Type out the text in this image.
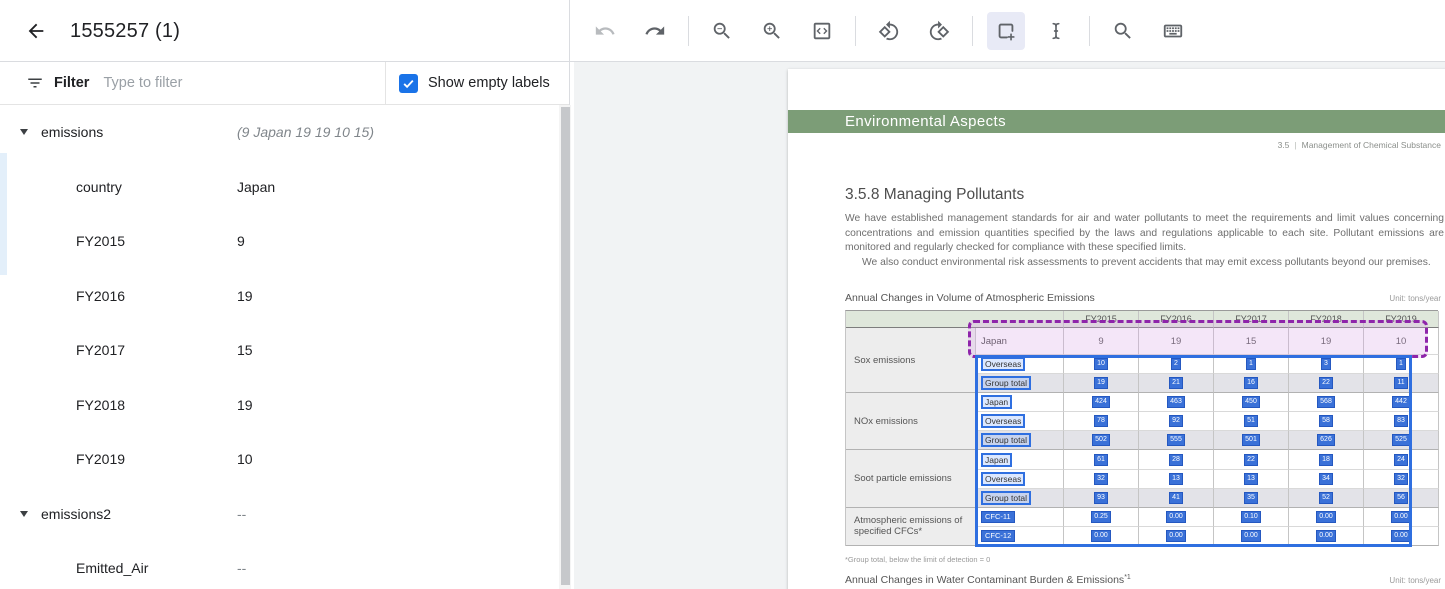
1555257 (1)
Filter
Type to filter	Show empty labels
emissions	(9 Japan 19 19 10 15)
country	Japan
FY2015	9
FY2016	19
FY2017	15
FY2018	19
FY2019	10
emissions2	--
Emitted_Air	--
Environmental Aspects
3.5 | Management of Chemical Substance
3.5.8 Managing Pollutants

We have established management standards for air and water pollutants to meet the requirements and limit values concerning concentrations and emission quantities specified by the laws and regulations applicable to each site. Pollutant emissions are monitored and regularly checked for compliance with these specified limits.

We also conduct environmental risk assessments to prevent accidents that may emit excess pollutants beyond our premises.

Annual Changes in Volume of Atmospheric Emissions	Unit: tons/year
FY2015	FY2016	FY2017	FY2018	FY2019
Sox emissions
Japan	9	19	15	19	10
Overseas	10	2	1	3	1
Group total	19	21	16	22	11
NOx emissions
Japan	424	463	450	568	442
Overseas	78	92	51	58	83
Group total	502	555	501	626	525
Soot particle emissions
Japan	61	28	22	18	24
Overseas	32	13	13	34	32
Group total	93	41	35	52	56
Atmospheric emissions of specified CFCs*
CFC-11	0.25	0.00	0.10	0.00	0.00
CFC-12	0.00	0.00	0.00	0.00	0.00
*Group total, below the limit of detection = 0
Annual Changes in Water Contaminant Burden & Emissions$^{*1}$	Unit: tons/year
